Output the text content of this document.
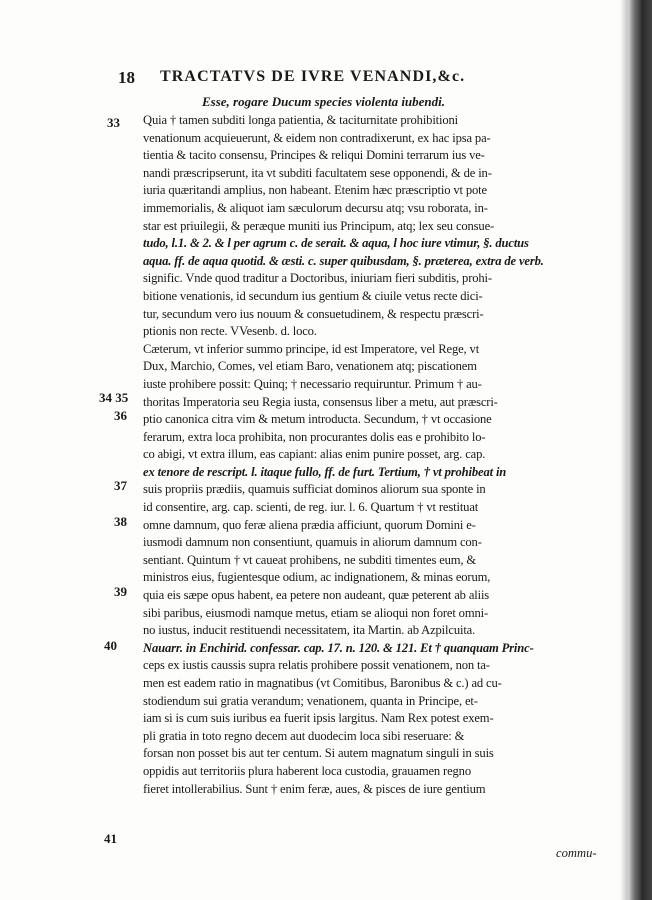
18 TRACTATVS DE IVRE VENANDI,&c.
Esse, rogare Ducum species violenta iubendi.
33
34 35
36
37
38
39
40
41
Quia † tamen subditi longa patientia, & taciturnitate prohibitioni
venationum acquieuerunt, & eidem non contradixerunt, ex hac ipsa pa-
tientia & tacito consensu, Principes & reliqui Domini terrarum ius ve-
nandi præscripserunt, ita vt subditi facultatem sese opponendi, & de in-
iuria quæritandi amplius, non habeant. Etenim hæc præscriptio vt pote
immemorialis, & aliquot iam sæculorum decursu atq; vsu roborata, in-
star est priuilegii, & peræque muniti ius Principum, atq; lex seu consue-
tudo, l.1. & 2. & l per agrum c. de serait. & aqua, l hoc iure vtimur, §. ductus
aqua. ff. de aqua quotid. & æsti. c. super quibusdam, §. præterea, extra de verb.
signific. Vnde quod traditur a Doctoribus, iniuriam fieri subditis, prohi-
bitione venationis, id secundum ius gentium & ciuile vetus recte dici-
tur, secundum vero ius nouum & consuetudinem, & respectu præscri-
ptionis non recte. VVesenb. d. loco.
Cæterum, vt inferior summo principe, id est Imperatore, vel Rege, vt
Dux, Marchio, Comes, vel etiam Baro, venationem atq; piscationem
iuste prohibere possit: Quinq; † necessario requiruntur. Primum † au-
thoritas Imperatoria seu Regia iusta, consensus liber a metu, aut præscri-
ptio canonica citra vim & metum introducta. Secundum, † vt occasione
ferarum, extra loca prohibita, non procurantes dolis eas e prohibito lo-
co abigi, vt extra illum, eas capiant: alias enim punire posset, arg. cap.
ex tenore de rescript. l. itaque fullo, ff. de furt. Tertium, † vt prohibeat in
suis propriis prædiis, quamuis sufficiat dominos aliorum sua sponte in
id consentire, arg. cap. scienti, de reg. iur. l. 6. Quartum † vt restituat
omne damnum, quo feræ aliena prædia afficiunt, quorum Domini e-
iusmodi damnum non consentiunt, quamuis in aliorum damnum con-
sentiant. Quintum † vt caueat prohibens, ne subditi timentes eum, &
ministros eius, fugientesque odium, ac indignationem, & minas eorum,
quia eis sæpe opus habent, ea petere non audeant, quæ peterent ab aliis
sibi paribus, eiusmodi namque metus, etiam se alioqui non foret omni-
no iustus, inducit restituendi necessitatem, ita Martin. ab Azpilcuita.
Nauarr. in Enchirid. confessar. cap. 17. n. 120. & 121. Et † quanquam Princ-
ceps ex iustis caussis supra relatis prohibere possit venationem, non ta-
men est eadem ratio in magnatibus (vt Comitibus, Baronibus & c.) ad cu-
stodiendum sui gratia verandum; venationem, quanta in Principe, et-
iam si is cum suis iuribus ea fuerit ipsis largitus. Nam Rex potest exem-
pli gratia in toto regno decem aut duodecim loca sibi reseruare: &
forsan non posset bis aut ter centum. Si autem magnatum singuli in suis
oppidis aut territoriis plura haberent loca custodia, grauamen regno
fieret intollerabilius. Sunt † enim feræ, aues, & pisces de iure gentium
commu-
